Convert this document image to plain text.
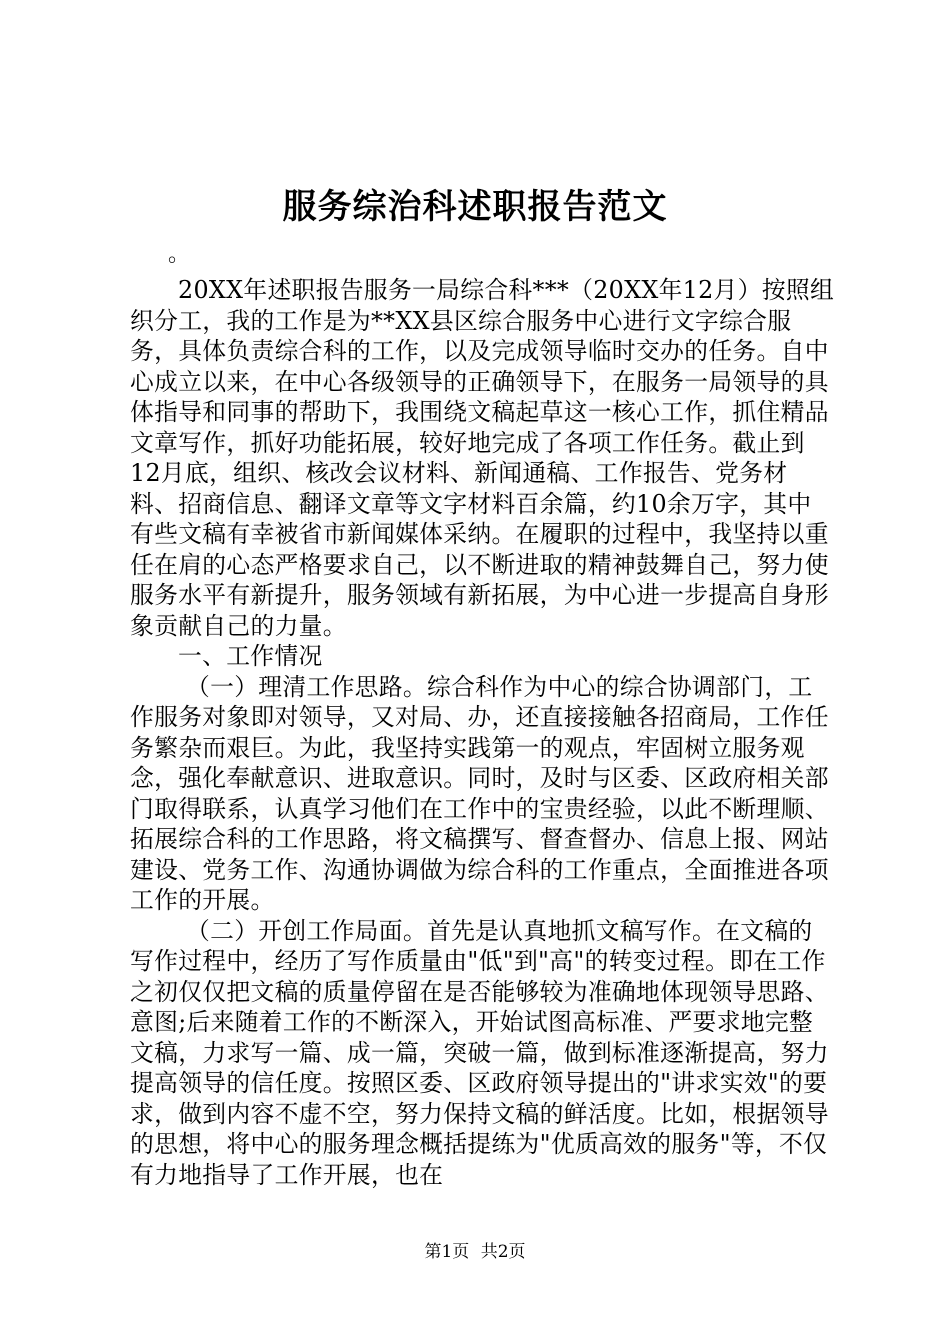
服务综治科述职报告范文
。

20XX年述职报告服务一局综合科***（20XX年12月）按照组织分工，我的工作是为**XX县区综合服务中心进行文字综合服务，具体负责综合科的工作，以及完成领导临时交办的任务。自中心成立以来，在中心各级领导的正确领导下，在服务一局领导的具体指导和同事的帮助下，我围绕文稿起草这一核心工作，抓住精品文章写作，抓好功能拓展，较好地完成了各项工作任务。截止到12月底，组织、核改会议材料、新闻通稿、工作报告、党务材料、招商信息、翻译文章等文字材料百余篇，约10余万字，其中有些文稿有幸被省市新闻媒体采纳。在履职的过程中，我坚持以重任在肩的心态严格要求自己，以不断进取的精神鼓舞自己，努力使服务水平有新提升，服务领域有新拓展，为中心进一步提高自身形象贡献自己的力量。

一、工作情况

（一）理清工作思路。综合科作为中心的综合协调部门，工作服务对象即对领导，又对局、办，还直接接触各招商局，工作任务繁杂而艰巨。为此，我坚持实践第一的观点，牢固树立服务观念，强化奉献意识、进取意识。同时，及时与区委、区政府相关部门取得联系，认真学习他们在工作中的宝贵经验，以此不断理顺、拓展综合科的工作思路，将文稿撰写、督查督办、信息上报、网站建设、党务工作、沟通协调做为综合科的工作重点，全面推进各项工作的开展。

（二）开创工作局面。首先是认真地抓文稿写作。在文稿的写作过程中，经历了写作质量由"低"到"高"的转变过程。即在工作之初仅仅把文稿的质量停留在是否能够较为准确地体现领导思路、意图;后来随着工作的不断深入，开始试图高标准、严要求地完整文稿，力求写一篇、成一篇，突破一篇，做到标准逐渐提高，努力提高领导的信任度。按照区委、区政府领导提出的"讲求实效"的要求，做到内容不虚不空，努力保持文稿的鲜活度。比如，根据领导的思想，将中心的服务理念概括提练为"优质高效的服务"等，不仅有力地指导了工作开展，也在

第1页 共2页
